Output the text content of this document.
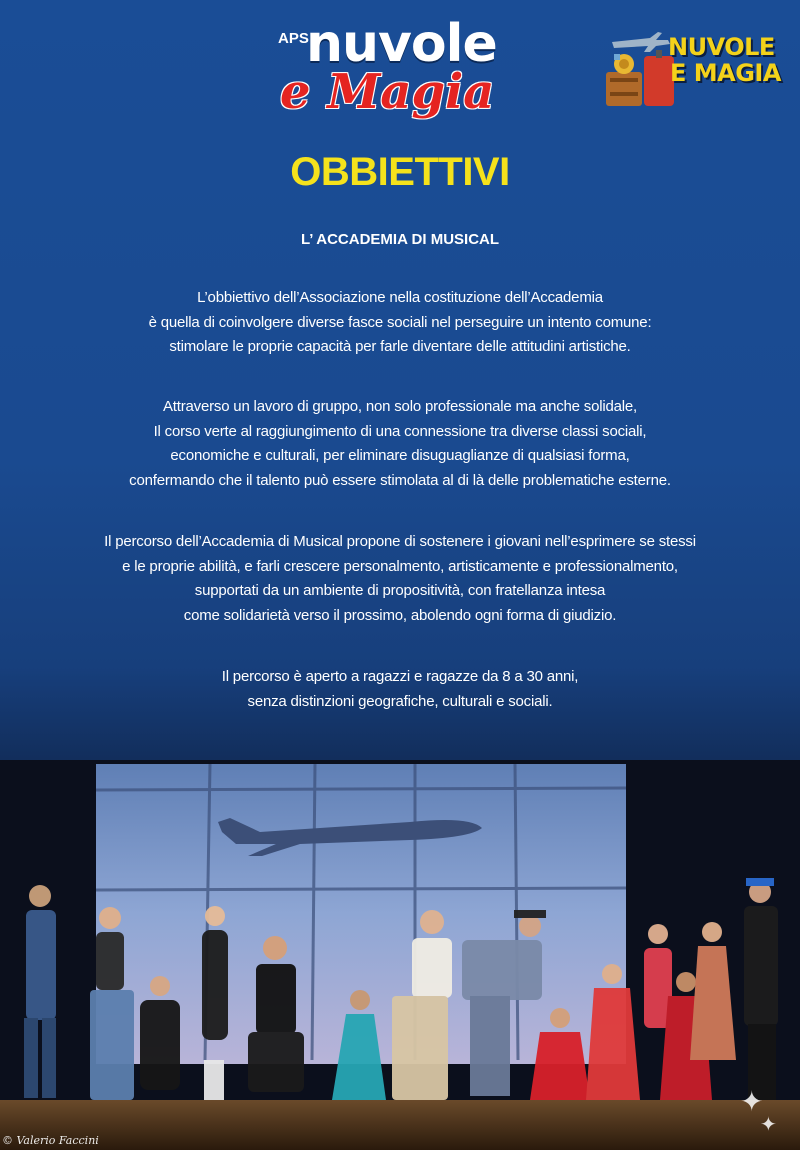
APS
nuvole
e Magia
NUVOLE
E MAGIA
OBBIETTIVI
L’ ACCADEMIA DI MUSICAL
L’obbiettivo dell’Associazione nella costituzione dell’Accademia
è quella di coinvolgere diverse fasce sociali nel perseguire un intento comune:
stimolare le proprie capacità per farle diventare delle attitudini artistiche.
Attraverso un lavoro di gruppo, non solo professionale ma anche solidale,
Il corso verte al raggiungimento di una connessione tra diverse classi sociali,
economiche e culturali, per eliminare disuguaglianze di qualsiasi forma,
confermando che il talento può essere stimolata al di là delle problematiche esterne.
Il percorso dell’Accademia di Musical propone di sostenere i giovani nell’esprimere se stessi
e le proprie abilità, e farli crescere personalmento, artisticamente e professionalmento,
supportati da un ambiente di propositività, con fratellanza intesa
come solidarietà verso il prossimo, abolendo ogni forma di giudizio.
Il percorso è aperto a ragazzi e ragazze da 8 a 30 anni,
senza distinzioni geografiche, culturali e sociali.
✦
✦
© Valerio Faccini
